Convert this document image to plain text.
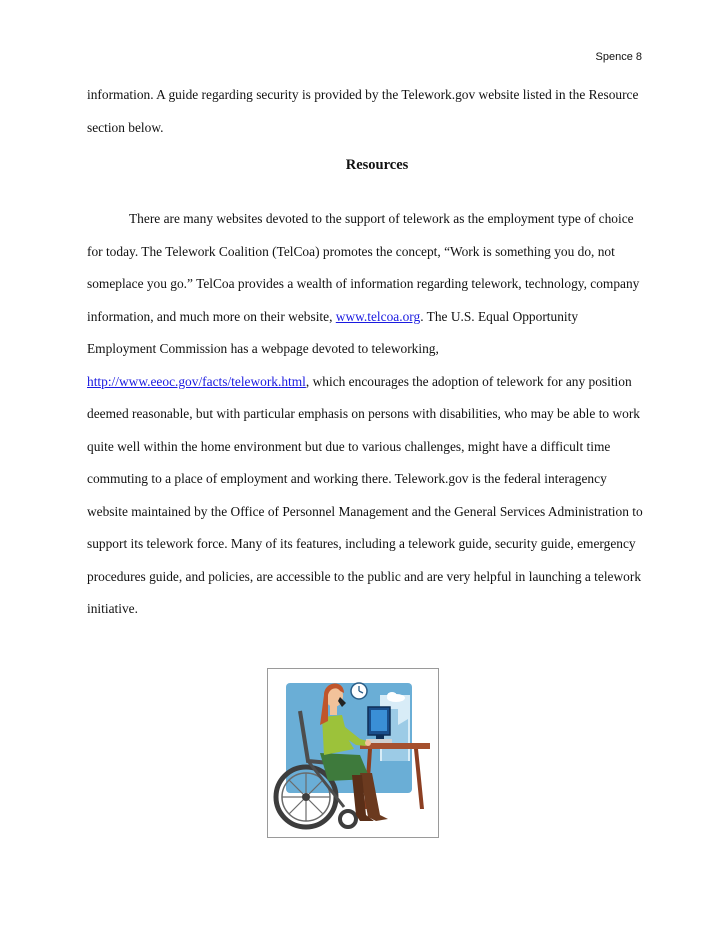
Spence 8
information. A guide regarding security is provided by the Telework.gov website listed in the Resource section below.
Resources
There are many websites devoted to the support of telework as the employment type of choice for today. The Telework Coalition (TelCoa) promotes the concept, “Work is something you do, not someplace you go.” TelCoa provides a wealth of information regarding telework, technology, company information, and much more on their website, www.telcoa.org. The U.S. Equal Opportunity Employment Commission has a webpage devoted to teleworking, http://www.eeoc.gov/facts/telework.html, which encourages the adoption of telework for any position deemed reasonable, but with particular emphasis on persons with disabilities, who may be able to work quite well within the home environment but due to various challenges, might have a difficult time commuting to a place of employment and working there. Telework.gov is the federal interagency website maintained by the Office of Personnel Management and the General Services Administration to support its telework force. Many of its features, including a telework guide, security guide, emergency procedures guide, and policies, are accessible to the public and are very helpful in launching a telework initiative.
